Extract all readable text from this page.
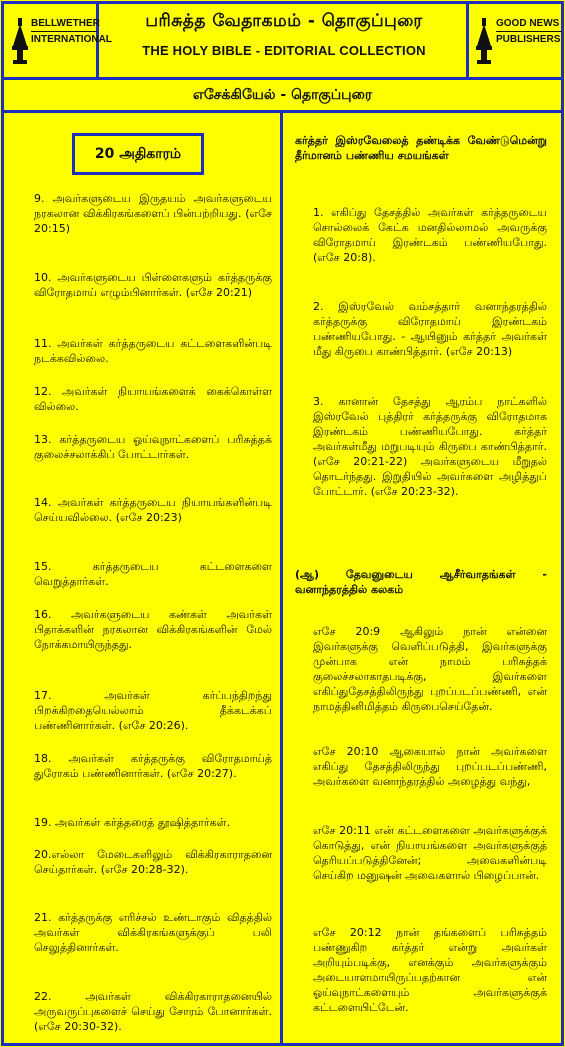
BELLWETHER
INTERNATIONAL
பரிசுத்த வேதாகமம் - தொகுப்புரை
THE HOLY BIBLE - EDITORIAL COLLECTION
GOOD NEWS
PUBLISHERS
எசேக்கியேல் - தொகுப்புரை
20 அதிகாரம்
9. அவர்களுடைய இருதயம் அவர்களுடைய நரகலான விக்கிரகங்களைப் பின்பற்றியது. (எசே 20:15)
10. அவர்களுடைய பிள்ளைகளும் கர்த்தருக்கு விரோதமாய் எழும்பினார்கள். (எசே 20:21)
11. அவர்கள் கர்த்தருடைய கட்டளைகளின்படி நடக்கவில்லை.
12. அவர்கள் நியாயங்களைக் கைக்கொள்ள வில்லை.
13. கர்த்தருடைய ஓய்வுநாட்களைப் பரிசுத்தக் குலைச்சலாக்கிப் போட்டார்கள்.
14. அவர்கள் கர்த்தருடைய நியாயங்களின்படி செய்யவில்லை. (எசே 20:23)
15. கர்த்தருடைய கட்டளைகளை வெறுத்தார்கள்.
16. அவர்களுடைய கண்கள் அவர்கள் பிதாக்களின் நரகலான விக்கிரகங்களின் மேல் நோக்கமாயிருந்தது.
17. அவர்கள் கர்ப்பந்திறந்து பிறக்கிறதையெல்லாம் தீக்கடக்கப் பண்ணினார்கள். (எசே 20:26).
18. அவர்கள் கர்த்தருக்கு விரோதமாய்த் துரோகம் பண்ணினார்கள். (எசே 20:27).
19. அவர்கள் கர்த்தரைத் தூஷித்தார்கள்.
20.எல்லா மேடைகளிலும் விக்கிரகாராதனை செய்தார்கள். (எசே 20:28-32).
21. கர்த்தருக்கு எரிச்சல் உண்டாகும் விதத்தில் அவர்கள் விக்கிரகங்களுக்குப் பலி செலுத்தினார்கள்.
22. அவர்கள் விக்கிரகாராதனையில் அருவருப்புகளைச் செய்து சோரம் போனார்கள். (எசே 20:30-32).
கர்த்தர் இஸ்ரவேலைத் தண்டிக்க வேண்டுமென்று தீர்மானம் பண்ணிய சமயங்கள்
1. எகிப்து தேசத்தில் அவர்கள் கர்த்தருடைய சொல்லைக் கேட்க மனதில்லாமல் அவருக்கு விரோதமாய் இரண்டகம் பண்ணியபோது. (எசே 20:8).
2. இஸ்ரவேல் வம்சத்தார் வனாந்தரத்தில் கர்த்தருக்கு விரோதமாய் இரண்டகம் பண்ணியபோது. - ஆயினும் கர்த்தர் அவர்கள் மீது கிருபை காண்பித்தார். (எசே 20:13)
3. கானான் தேசத்து ஆரம்ப நாட்களில் இஸ்ரவேல் புத்திரர் கர்த்தருக்கு விரோதமாக இரண்டகம் பண்ணியபோது. கர்த்தர் அவர்கள்மீது மறுபடியும் கிருபை காண்பித்தார். (எசே 20:21-22) அவர்களுடைய மீறுதல் தொடர்ந்தது. இறுதியில் அவர்களை அழித்துப் போட்டார். (எசே 20:23-32).
(ஆ) தேவனுடைய ஆசீர்வாதங்கள் - வனாந்தரத்தில் கலகம்
எசே 20:9 ஆகிலும் நான் என்னை இவர்களுக்கு வெளிப்படுத்தி, இவர்களுக்கு முன்பாக என் நாமம் பரிசுத்தக் குலைச்சலாகாதபடிக்கு, இவர்களை எகிப்துதேசத்திலிருந்து புறப்படப்பண்ணி, என் நாமத்தினிமித்தம் கிருபைசெய்தேன்.
எசே 20:10 ஆகையால் நான் அவர்களை எகிப்து தேசத்திலிருந்து புறப்படப்பண்ணி, அவர்களை வனாந்தரத்தில் அழைத்து வந்து,
எசே 20:11 என் கட்டளைகளை அவர்களுக்குக் கொடுத்து, என் நியாயங்களை அவர்களுக்குத் தெரியப்படுத்தினேன்; அவைகளின்படி செய்கிற மனுஷன் அவைகளால் பிழைப்பான்.
எசே 20:12 நான் தங்களைப் பரிசுத்தம் பண்ணுகிற கர்த்தர் என்று அவர்கள் அறியும்படிக்கு, எனக்கும் அவர்களுக்கும் அடையாளமாயிருப்பதற்கான என் ஓய்வுநாட்களையும் அவர்களுக்குக் கட்டளையிட்டேன்.
